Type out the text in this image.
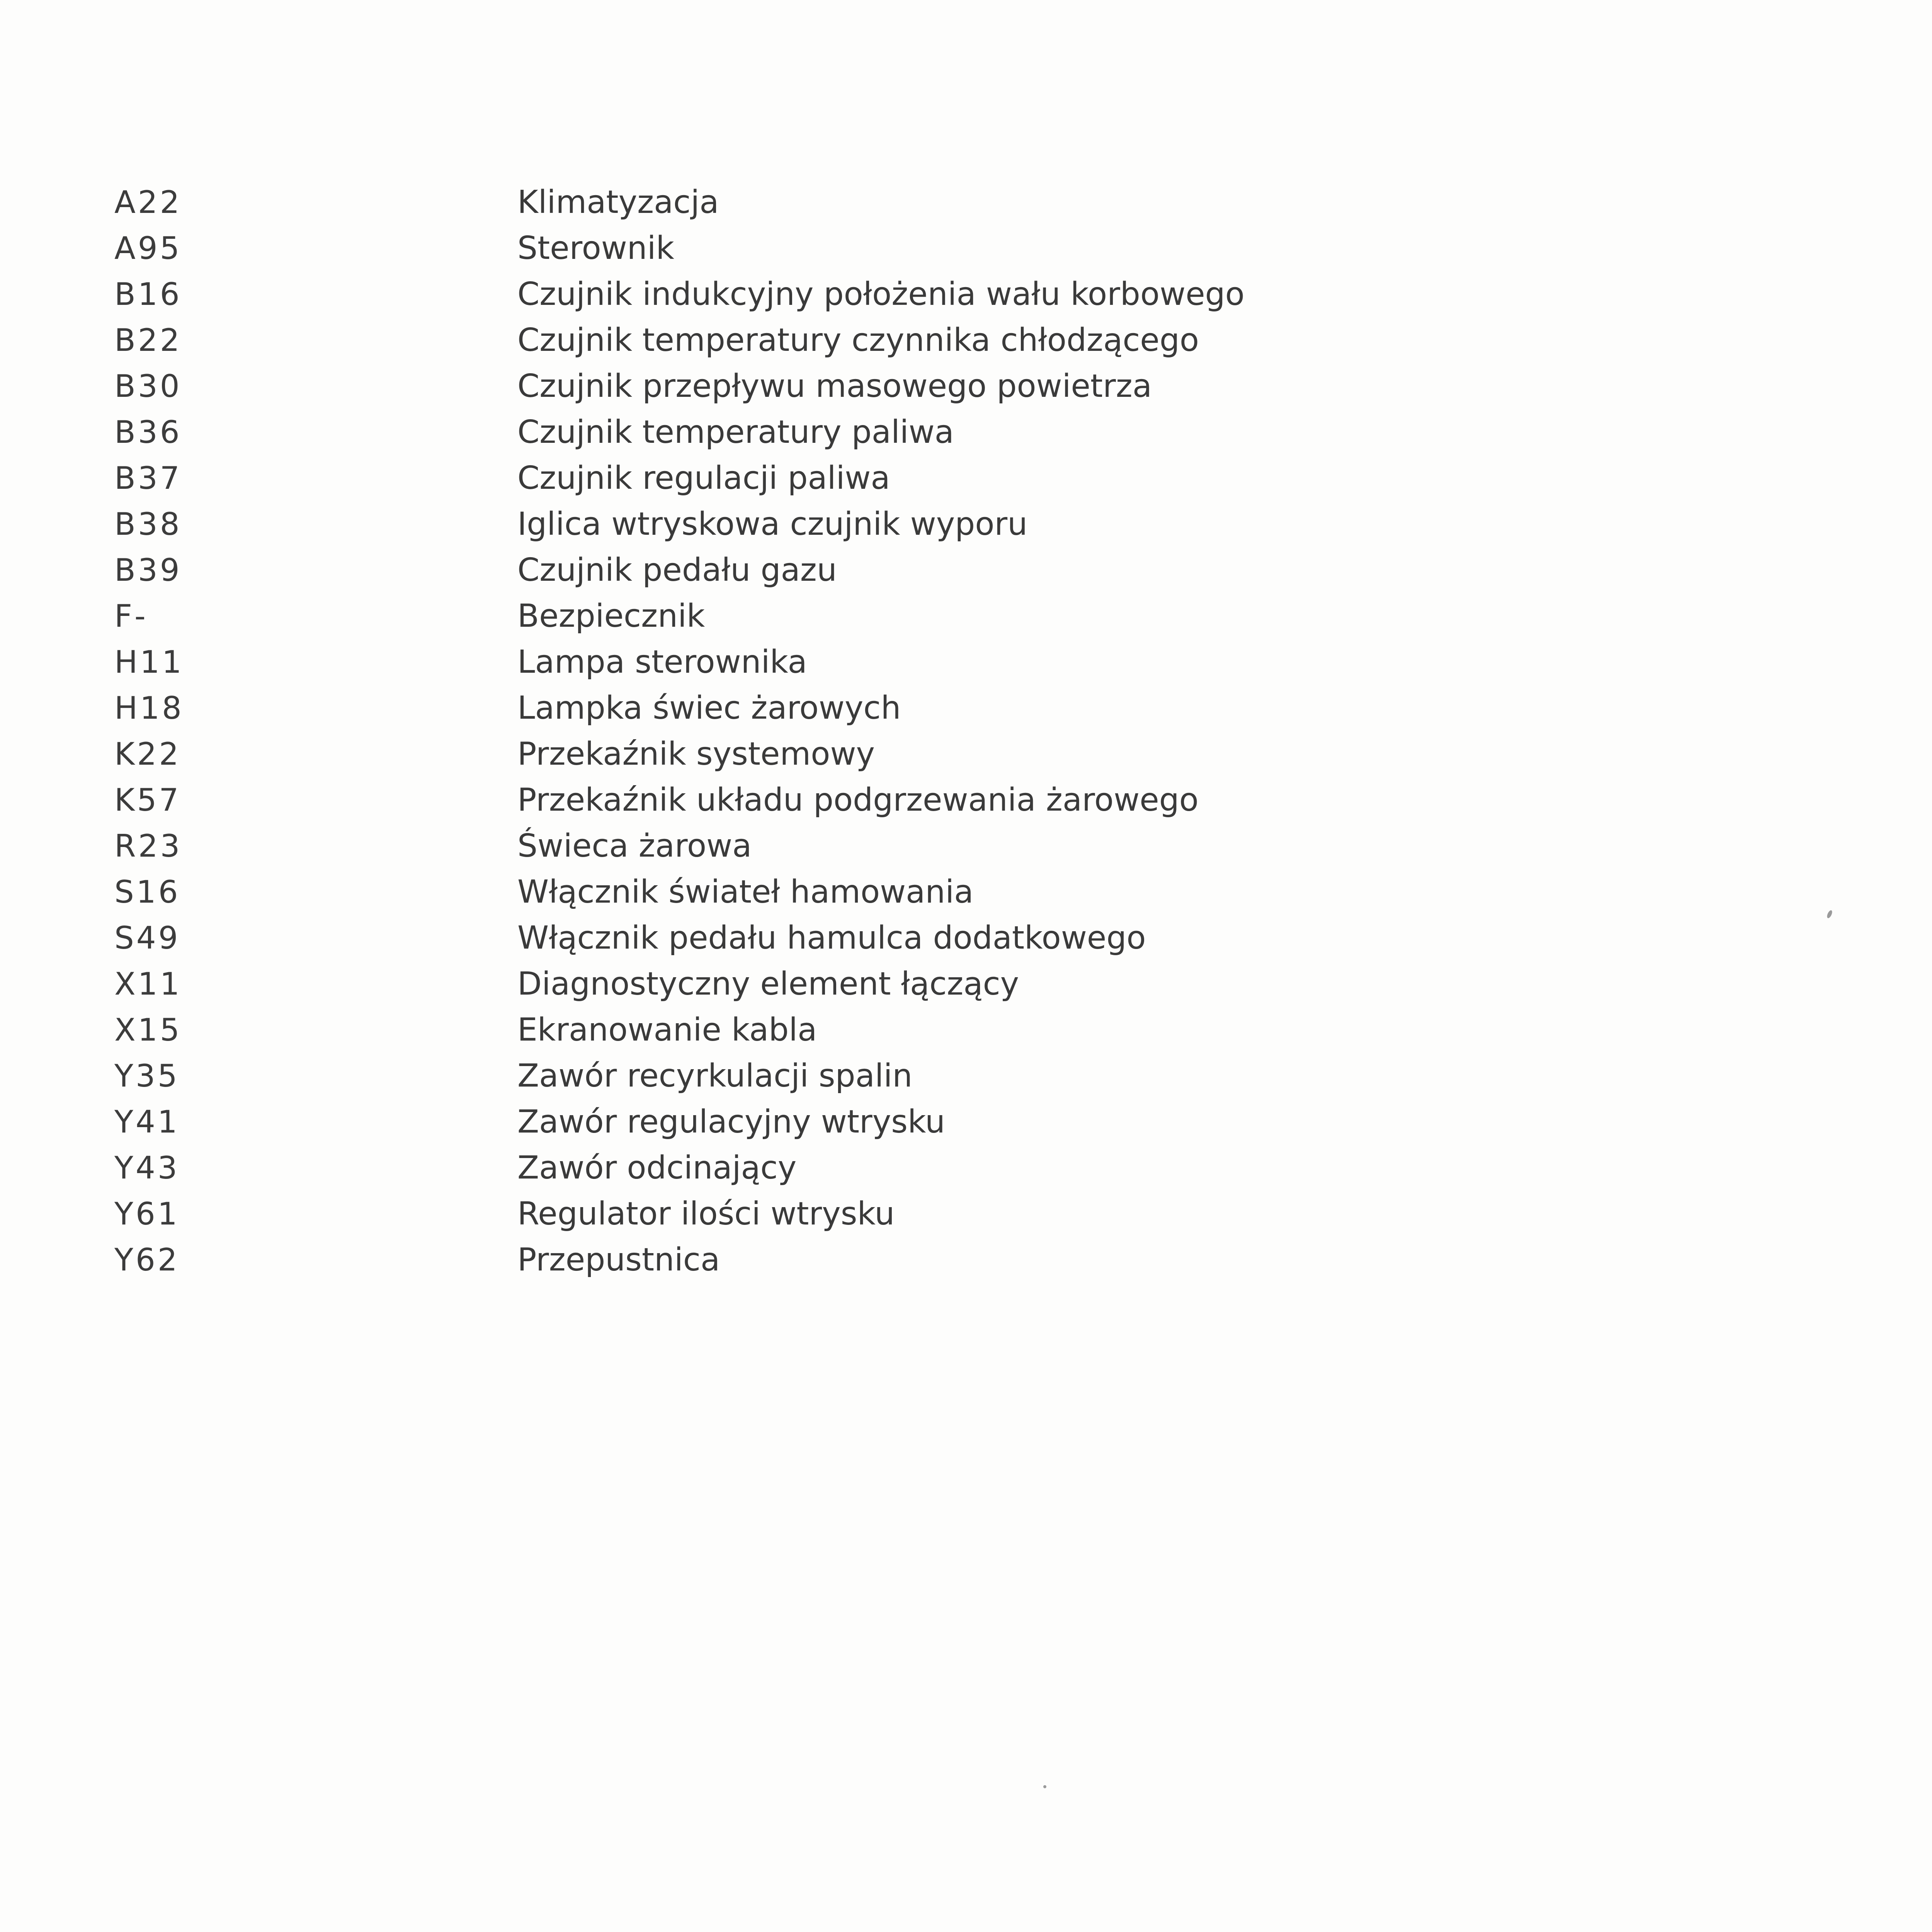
A22	Klimatyzacja
A95	Sterownik
B16	Czujnik indukcyjny położenia wału korbowego
B22	Czujnik temperatury czynnika chłodzącego
B30	Czujnik przepływu masowego powietrza
B36	Czujnik temperatury paliwa
B37	Czujnik regulacji paliwa
B38	Iglica wtryskowa czujnik wyporu
B39	Czujnik pedału gazu
F-	Bezpiecznik
H11	Lampa sterownika
H18	Lampka świec żarowych
K22	Przekaźnik systemowy
K57	Przekaźnik układu podgrzewania żarowego
R23	Świeca żarowa
S16	Włącznik świateł hamowania
S49	Włącznik pedału hamulca dodatkowego
X11	Diagnostyczny element łączący
X15	Ekranowanie kabla
Y35	Zawór recyrkulacji spalin
Y41	Zawór regulacyjny wtrysku
Y43	Zawór odcinający
Y61	Regulator ilości wtrysku
Y62	Przepustnica
